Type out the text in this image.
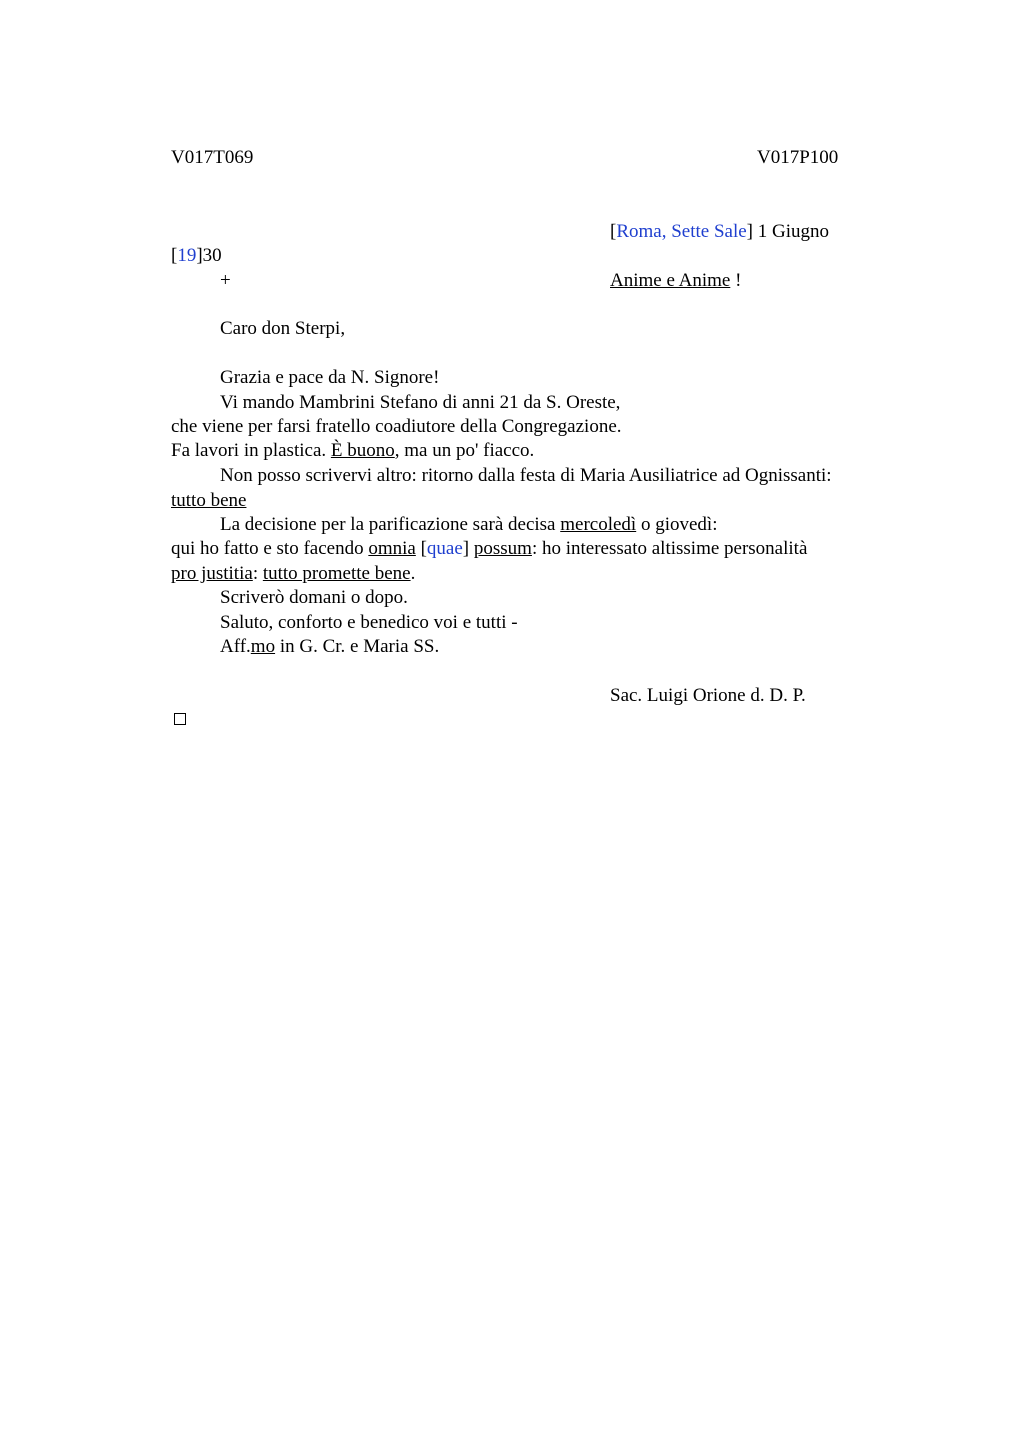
V017T069	V017P100
[Roma, Sette Sale] 1 Giugno
[19]30
+	Anime e Anime !
Caro don Sterpi,
Grazia e pace da N. Signore!
Vi mando Mambrini Stefano di anni 21 da S. Oreste,
che viene per farsi fratello coadiutore della Congregazione.
Fa lavori in plastica. È buono, ma un po' fiacco.
Non posso scrivervi altro: ritorno dalla festa di Maria Ausiliatrice ad Ognissanti:
tutto bene
La decisione per la parificazione sarà decisa mercoledì o giovedì:
qui ho fatto e sto facendo omnia [quae] possum: ho interessato altissime personalità
pro justitia: tutto promette bene.
Scriverò domani o dopo.
Saluto, conforto e benedico voi e tutti -
Aff.mo in G. Cr. e Maria SS.
Sac. Luigi Orione d. D. P.
